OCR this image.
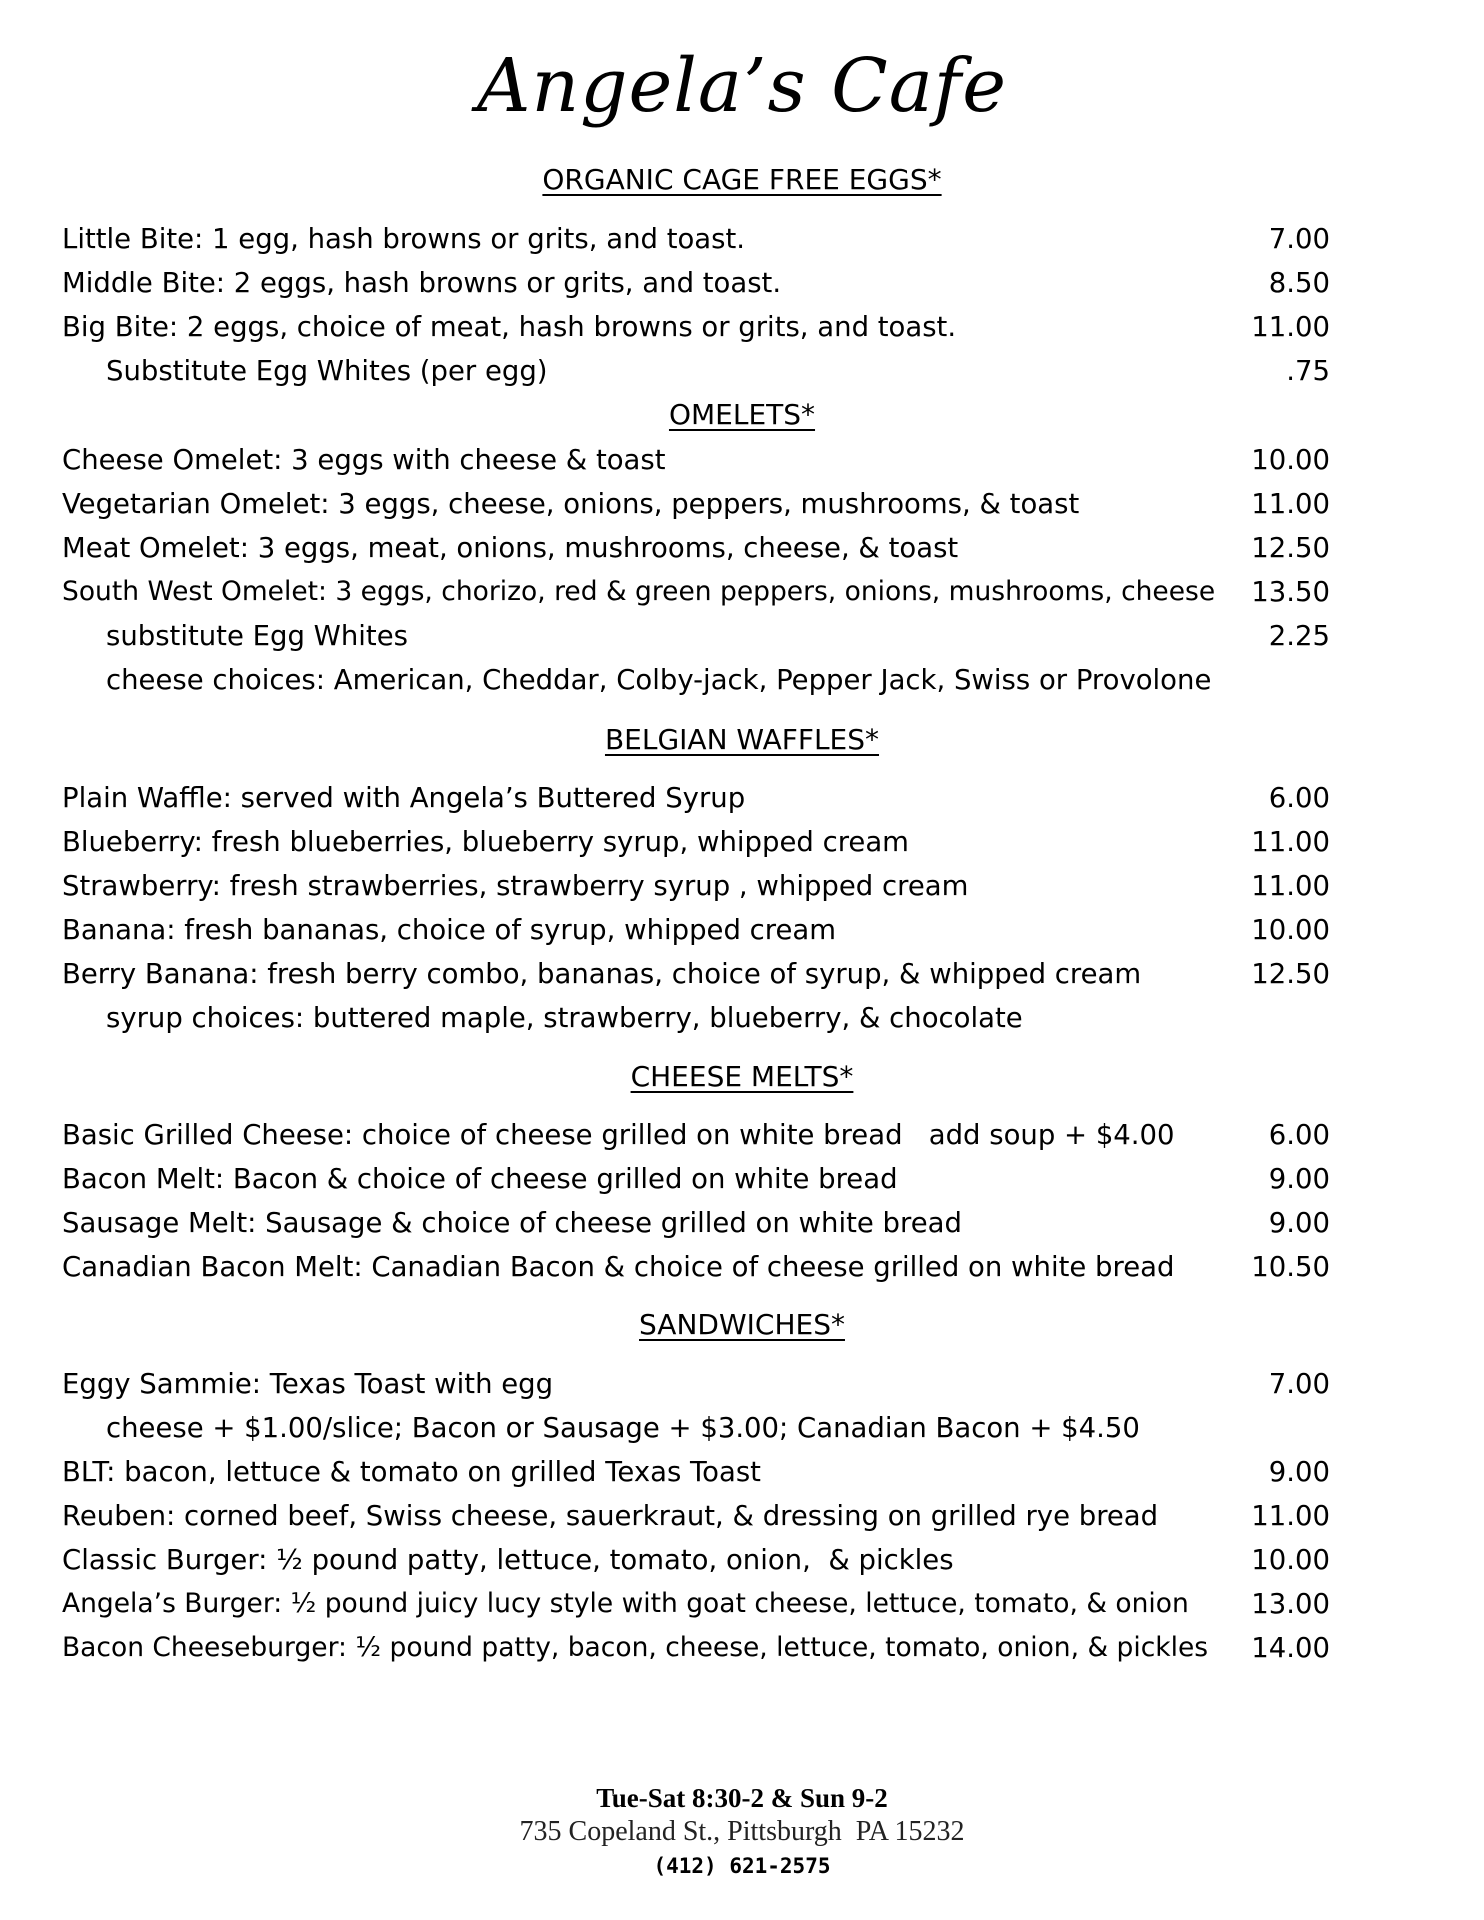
Angela’s Cafe
ORGANIC CAGE FREE EGGS*
Little Bite: 1 egg, hash browns or grits, and toast.	7.00
Middle Bite: 2 eggs, hash browns or grits, and toast.	8.50
Big Bite: 2 eggs, choice of meat, hash browns or grits, and toast.	11.00
Substitute Egg Whites (per egg)	.75
OMELETS*
Cheese Omelet: 3 eggs with cheese & toast	10.00
Vegetarian Omelet: 3 eggs, cheese, onions, peppers, mushrooms, & toast	11.00
Meat Omelet: 3 eggs, meat, onions, mushrooms, cheese, & toast	12.50
South West Omelet: 3 eggs, chorizo, red & green peppers, onions, mushrooms, cheese 13.50
substitute Egg Whites	2.25
cheese choices: American, Cheddar, Colby-jack, Pepper Jack, Swiss or Provolone
BELGIAN WAFFLES*
Plain Waffle: served with Angela’s Buttered Syrup	6.00
Blueberry: fresh blueberries, blueberry syrup, whipped cream	11.00
Strawberry: fresh strawberries, strawberry syrup , whipped cream	11.00
Banana: fresh bananas, choice of syrup, whipped cream	10.00
Berry Banana: fresh berry combo, bananas, choice of syrup, & whipped cream	12.50
syrup choices: buttered maple, strawberry, blueberry, & chocolate
CHEESE MELTS*
Basic Grilled Cheese: choice of cheese grilled on white bread   add soup + $4.00	6.00
Bacon Melt: Bacon & choice of cheese grilled on white bread	9.00
Sausage Melt: Sausage & choice of cheese grilled on white bread	9.00
Canadian Bacon Melt: Canadian Bacon & choice of cheese grilled on white bread	10.50
SANDWICHES*
Eggy Sammie: Texas Toast with egg	7.00
cheese + $1.00/slice; Bacon or Sausage + $3.00; Canadian Bacon + $4.50
BLT: bacon, lettuce & tomato on grilled Texas Toast	9.00
Reuben: corned beef, Swiss cheese, sauerkraut, & dressing on grilled rye bread	11.00
Classic Burger: ½ pound patty, lettuce, tomato, onion,  & pickles	10.00
Angela’s Burger: ½ pound juicy lucy style with goat cheese, lettuce, tomato, & onion 13.00
Bacon Cheeseburger: ½ pound patty, bacon, cheese, lettuce, tomato, onion, & pickles 14.00
Tue-Sat 8:30-2 & Sun 9-2
735 Copeland St., Pittsburgh  PA 15232
(412) 621-2575
